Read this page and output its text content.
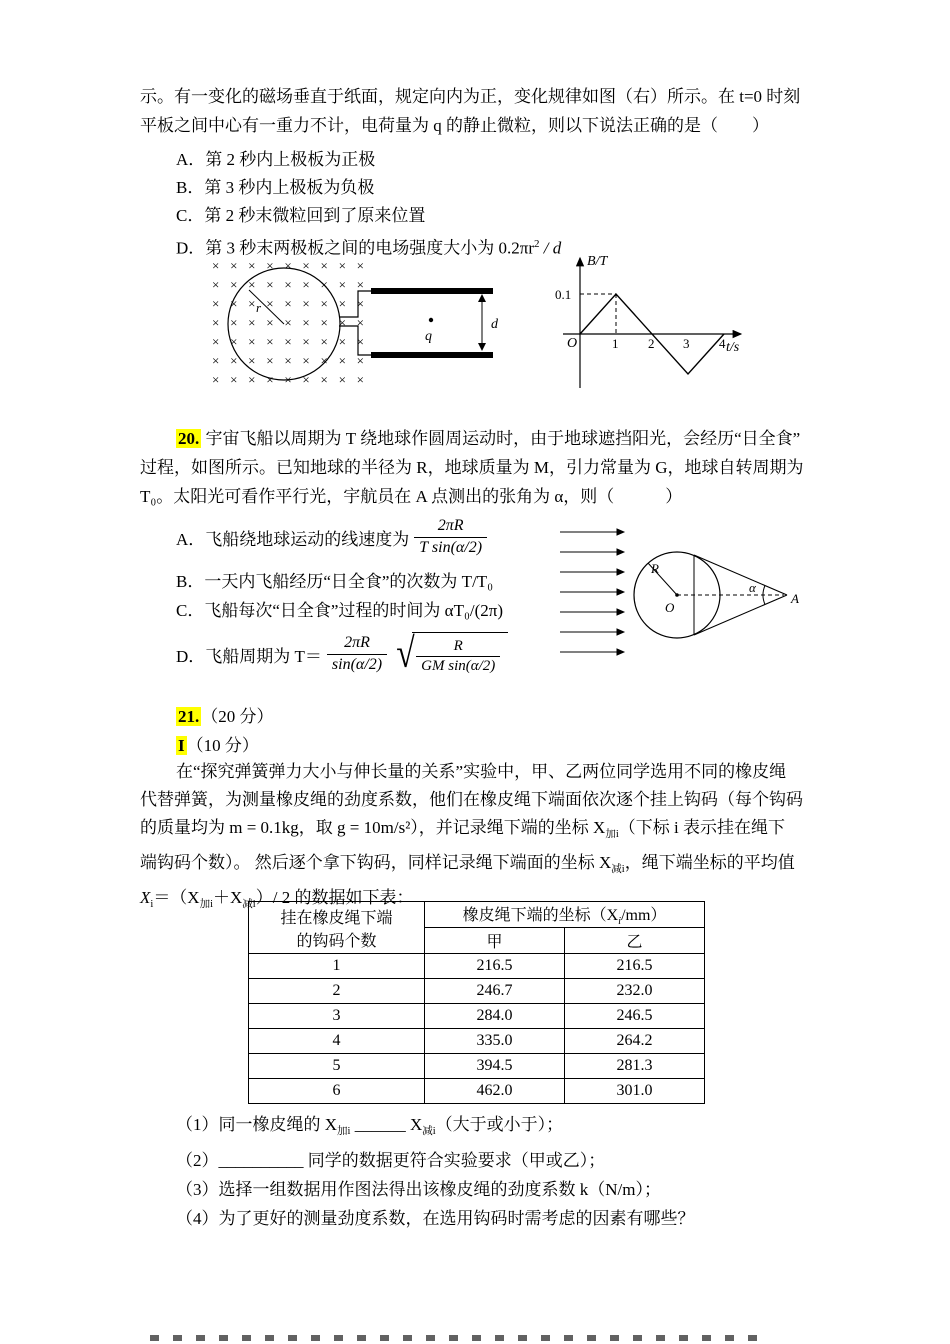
示。有一变化的磁场垂直于纸面，规定向内为正，变化规律如图（右）所示。在 t=0 时刻
平板之间中心有一重力不计，电荷量为 q 的静止微粒，则以下说法正确的是（　　）
A．第 2 秒内上极板为正极
B．第 3 秒内上极板为负极
C．第 2 秒末微粒回到了原来位置
D．第 3 秒末两极板之间的电场强度大小为 $0.2\pi r^2$ / d
×××××××××
×××××××××
×××××××××
×××××××××
×××××××××
×××××××××
×××××××××
r
q
d
B/T
t/s
O
0.1
1 2 3 4
20. 宇宙飞船以周期为 T 绕地球作圆周运动时，由于地球遮挡阳光，会经历“日全食”
过程，如图所示。已知地球的半径为 R，地球质量为 M，引力常量为 G，地球自转周期为
T₀。太阳光可看作平行光，宇航员在 A 点测出的张角为 α，则（　　　）
A．飞船绕地球运动的线速度为 $\frac{2\pi R}{\text{T sin(α/2)}}$
B．一天内飞船经历“日全食”的次数为 T/T₀
C．飞船每次“日全食”过程的时间为 αT₀/(2π)
D．飞船周期为 $T= \frac{2\pi R}{\sin(\alpha/2)}$ √ $\frac{R}{\text{GM sin(α/2)}}$
R
O
α
A
21. （20 分）
I （10 分）
在“探究弹簧弹力大小与伸长量的关系”实验中，甲、乙两位同学选用不同的橡皮绳
代替弹簧，为测量橡皮绳的劲度系数，他们在橡皮绳下端面依次逐个挂上钩码（每个钩码
的质量均为 m = 0.1kg，取 g = 10m/s²），并记录绳下端的坐标 $X_{加i}$（下标 i 表示挂在绳下
端钩码个数）。 然后逐个拿下钩码，同样记录绳下端面的坐标 $X_{减i}$，绳下端坐标的平均值
$X_i=(X_{加i}+X_{减i})/$ 2 的数据如下表：
挂在橡皮绳下端
的钩码个数	橡皮绳下端的坐标$(X_i/mm)$	
	甲	乙
1	216.5	216.5
2	246.7	232.0
3	284.0	246.5
4	335.0	264.2
5	394.5	281.3
6	462.0	301.0
（1）同一橡皮绳的 $X_{加i}$ ______ $X_{减i}$（大于或小于）；
（2）__________ 同学的数据更符合实验要求（甲或乙）；
（3）选择一组数据用作图法得出该橡皮绳的劲度系数 k（N/m）；
（4）为了更好的测量劲度系数，在选用钩码时需考虑的因素有哪些？
